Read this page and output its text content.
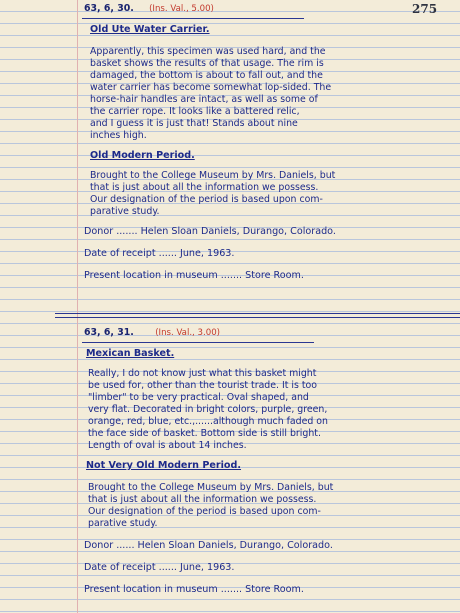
275
63, 6, 30. (Ins. Val., 5.00)
Old Ute Water Carrier.
Apparently, this specimen was used hard, and the
basket shows the results of that usage. The rim is
damaged, the bottom is about to fall out, and the
water carrier has become somewhat lop-sided. The
horse-hair handles are intact, as well as some of
the carrier rope. It looks like a battered relic,
and I guess it is just that! Stands about nine
inches high.
Old Modern Period.
Brought to the College Museum by Mrs. Daniels, but
that is just about all the information we possess.
Our designation of the period is based upon com-
parative study.
Donor ....... Helen Sloan Daniels, Durango, Colorado.
Date of receipt ...... June, 1963.
Present location in museum ....... Store Room.
63, 6, 31. (Ins. Val., 3.00)
Mexican Basket.
Really, I do not know just what this basket might
be used for, other than the tourist trade. It is too
"limber" to be very practical. Oval shaped, and
very flat. Decorated in bright colors, purple, green,
orange, red, blue, etc.,......although much faded on
the face side of basket. Bottom side is still bright.
Length of oval is about 14 inches.
Not Very Old Modern Period.
Brought to the College Museum by Mrs. Daniels, but
that is just about all the information we possess.
Our designation of the period is based upon com-
parative study.
Donor ...... Helen Sloan Daniels, Durango, Colorado.
Date of receipt ...... June, 1963.
Present location in museum ....... Store Room.
